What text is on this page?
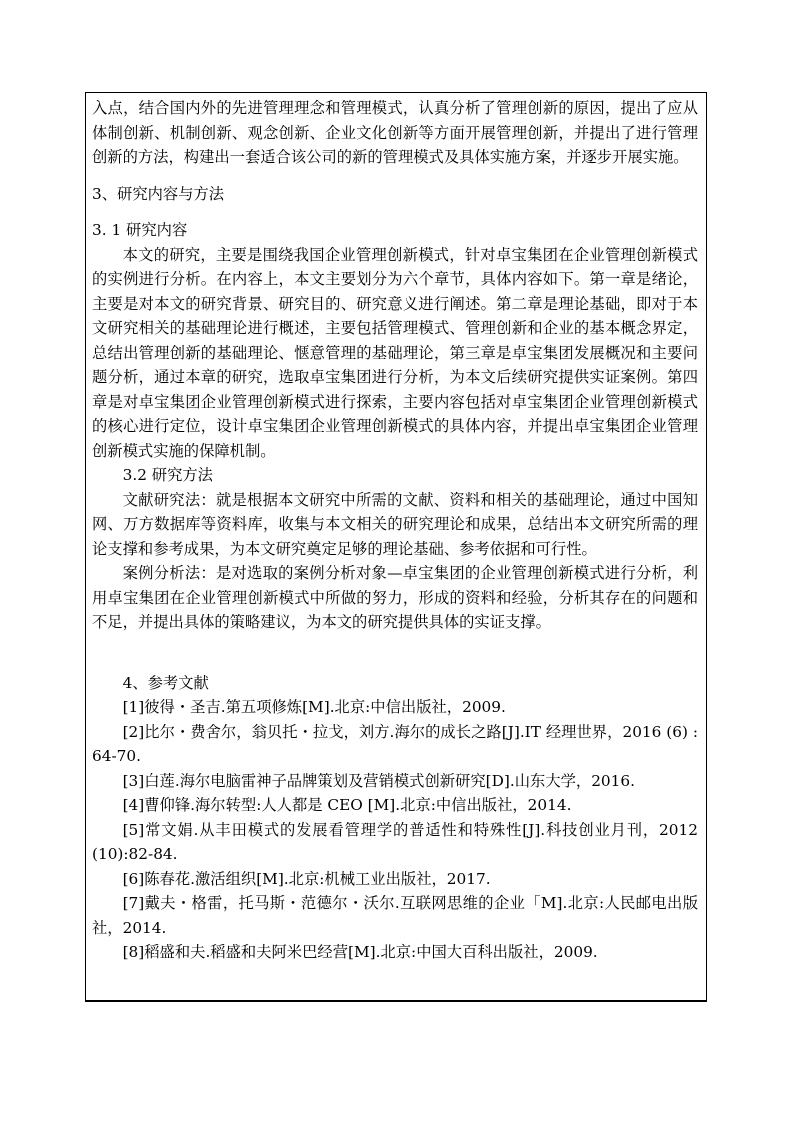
入点，结合国内外的先进管理理念和管理模式，认真分析了管理创新的原因，提出了应从体制创新、机制创新、观念创新、企业文化创新等方面开展管理创新，并提出了进行管理创新的方法，构建出一套适合该公司的新的管理模式及具体实施方案，并逐步开展实施。

3、研究内容与方法

3. 1 研究内容

本文的研究，主要是围绕我国企业管理创新模式，针对卓宝集团在企业管理创新模式的实例进行分析。在内容上，本文主要划分为六个章节，具体内容如下。第一章是绪论，主要是对本文的研究背景、研究目的、研究意义进行阐述。第二章是理论基础，即对于本文研究相关的基础理论进行概述，主要包括管理模式、管理创新和企业的基本概念界定，总结出管理创新的基础理论、惬意管理的基础理论，第三章是卓宝集团发展概况和主要问题分析，通过本章的研究，选取卓宝集团进行分析，为本文后续研究提供实证案例。第四章是对卓宝集团企业管理创新模式进行探索，主要内容包括对卓宝集团企业管理创新模式的核心进行定位，设计卓宝集团企业管理创新模式的具体内容，并提出卓宝集团企业管理创新模式实施的保障机制。

3.2 研究方法

文献研究法：就是根据本文研究中所需的文献、资料和相关的基础理论，通过中国知网、万方数据库等资料库，收集与本文相关的研究理论和成果，总结出本文研究所需的理论支撑和参考成果，为本文研究奠定足够的理论基础、参考依据和可行性。

案例分析法：是对选取的案例分析对象—卓宝集团的企业管理创新模式进行分析，利用卓宝集团在企业管理创新模式中所做的努力，形成的资料和经验，分析其存在的问题和不足，并提出具体的策略建议，为本文的研究提供具体的实证支撑。

4、参考文献

[1]彼得・圣吉.第五项修炼[M].北京:中信出版社，2009.

[2]比尔・费舍尔，翁贝托・拉戈，刘方.海尔的成长之路[J].IT 经理世界，2016 (6) : 64-70.

[3]白莲.海尔电脑雷神子品牌策划及营销模式创新研究[D].山东大学，2016.

[4]曹仰锋.海尔转型:人人都是 CEO [M].北京:中信出版社，2014.

[5]常文娟.从丰田模式的发展看管理学的普适性和特殊性[J].科技创业月刊，2012 (10):82-84.

[6]陈春花.激活组织[M].北京:机械工业出版社，2017.

[7]戴夫・格雷，托马斯・范德尔・沃尔.互联网思维的企业「M].北京:人民邮电出版社，2014.

[8]稻盛和夫.稻盛和夫阿米巴经营[M].北京:中国大百科出版社，2009.
